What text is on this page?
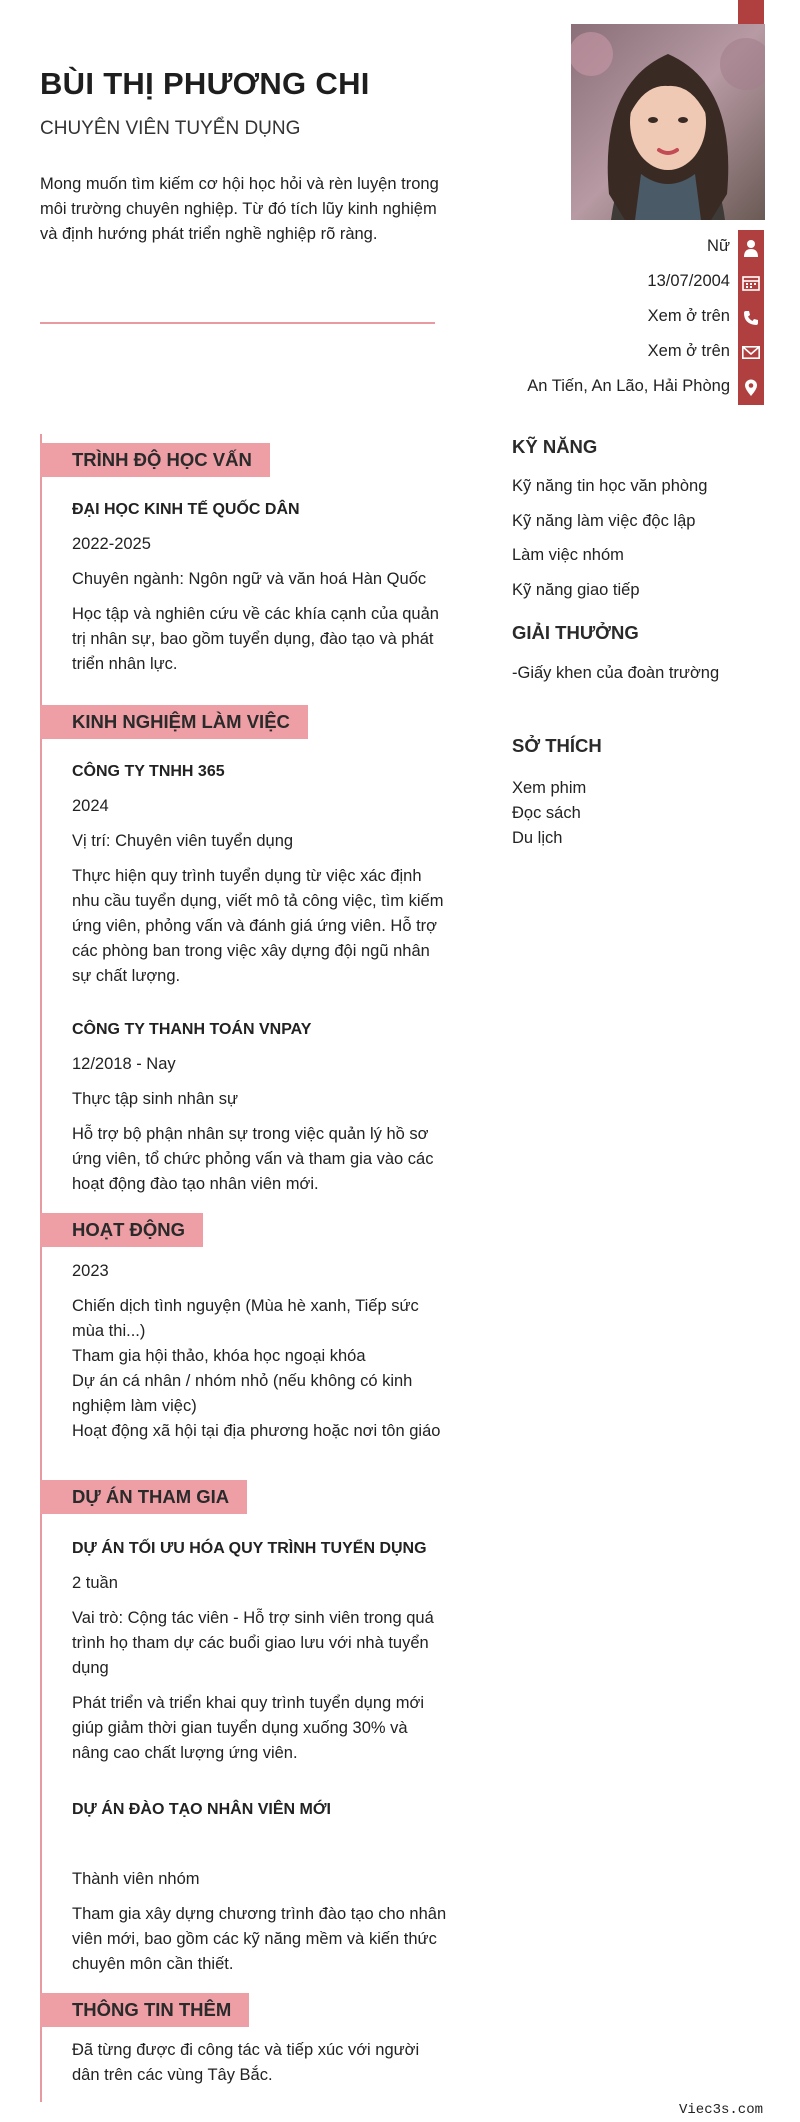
BÙI THỊ PHƯƠNG CHI
CHUYÊN VIÊN TUYỂN DỤNG
Mong muốn tìm kiếm cơ hội học hỏi và rèn luyện trong môi trường chuyên nghiệp. Từ đó tích lũy kinh nghiệm và định hướng phát triển nghề nghiệp rõ ràng.
Nữ
13/07/2004
Xem ở trên
Xem ở trên
An Tiến, An Lão, Hải Phòng
TRÌNH ĐỘ HỌC VẤN
ĐẠI HỌC KINH TẾ QUỐC DÂN
2022-2025
Chuyên ngành: Ngôn ngữ và văn hoá Hàn Quốc
Học tập và nghiên cứu về các khía cạnh của quản trị nhân sự, bao gồm tuyển dụng, đào tạo và phát triển nhân lực.
KINH NGHIỆM LÀM VIỆC
CÔNG TY TNHH 365
2024
Vị trí: Chuyên viên tuyển dụng
Thực hiện quy trình tuyển dụng từ việc xác định nhu cầu tuyển dụng, viết mô tả công việc, tìm kiếm ứng viên, phỏng vấn và đánh giá ứng viên. Hỗ trợ các phòng ban trong việc xây dựng đội ngũ nhân sự chất lượng.
CÔNG TY THANH TOÁN VNPAY
12/2018 - Nay
Thực tập sinh nhân sự
Hỗ trợ bộ phận nhân sự trong việc quản lý hồ sơ ứng viên, tổ chức phỏng vấn và tham gia vào các hoạt động đào tạo nhân viên mới.
HOẠT ĐỘNG
2023
Chiến dịch tình nguyện (Mùa hè xanh, Tiếp sức mùa thi...)
Tham gia hội thảo, khóa học ngoại khóa
Dự án cá nhân / nhóm nhỏ (nếu không có kinh nghiệm làm việc)
Hoạt động xã hội tại địa phương hoặc nơi tôn giáo
DỰ ÁN THAM GIA
DỰ ÁN TỐI ƯU HÓA QUY TRÌNH TUYỂN DỤNG
2 tuần
Vai trò: Cộng tác viên - Hỗ trợ sinh viên trong quá trình họ tham dự các buổi giao lưu với nhà tuyển dụng
Phát triển và triển khai quy trình tuyển dụng mới giúp giảm thời gian tuyển dụng xuống 30% và nâng cao chất lượng ứng viên.
DỰ ÁN ĐÀO TẠO NHÂN VIÊN MỚI
Thành viên nhóm
Tham gia xây dựng chương trình đào tạo cho nhân viên mới, bao gồm các kỹ năng mềm và kiến thức chuyên môn cần thiết.
THÔNG TIN THÊM
Đã từng được đi công tác và tiếp xúc với người dân trên các vùng Tây Bắc.
KỸ NĂNG
Kỹ năng tin học văn phòng
Kỹ năng làm việc độc lập
Làm việc nhóm
Kỹ năng giao tiếp
GIẢI THƯỞNG
-Giấy khen của đoàn trường
SỞ THÍCH
Xem phim
Đọc sách
Du lịch
Viec3s.com
